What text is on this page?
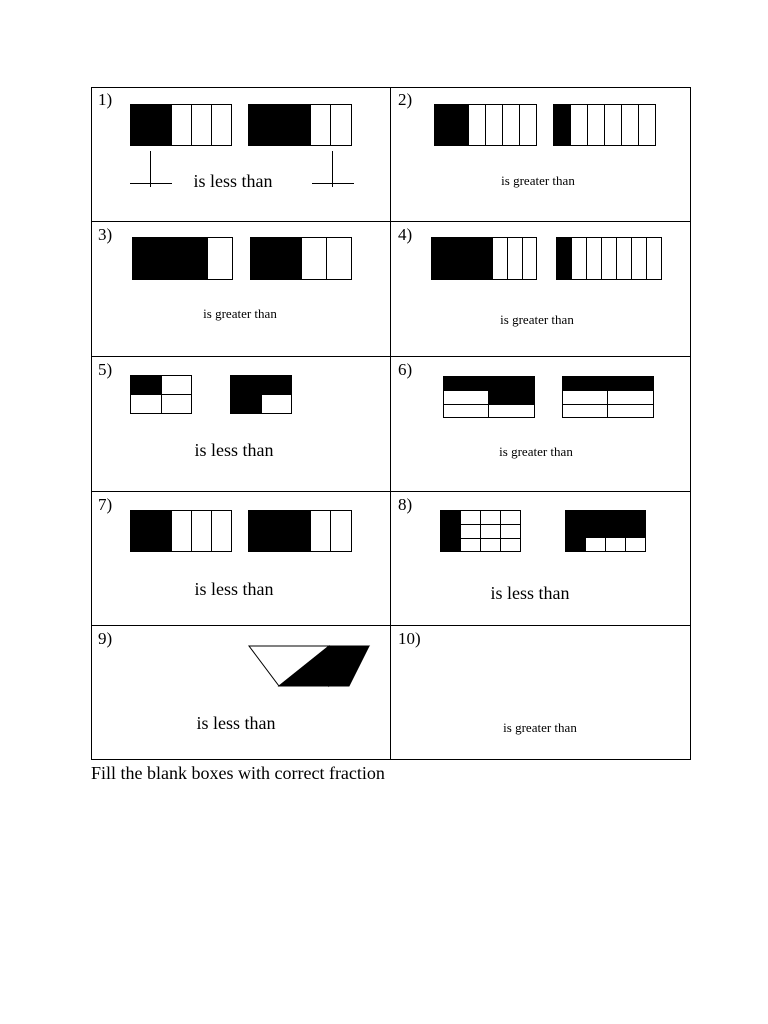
1)
is less than
2)
is greater than
3)
is greater than
4)
is greater than
5)
is less than
6)
is greater than
7)
is less than
8)
is less than
9)
is less than
10)
is greater than
Fill the blank boxes with correct fraction
